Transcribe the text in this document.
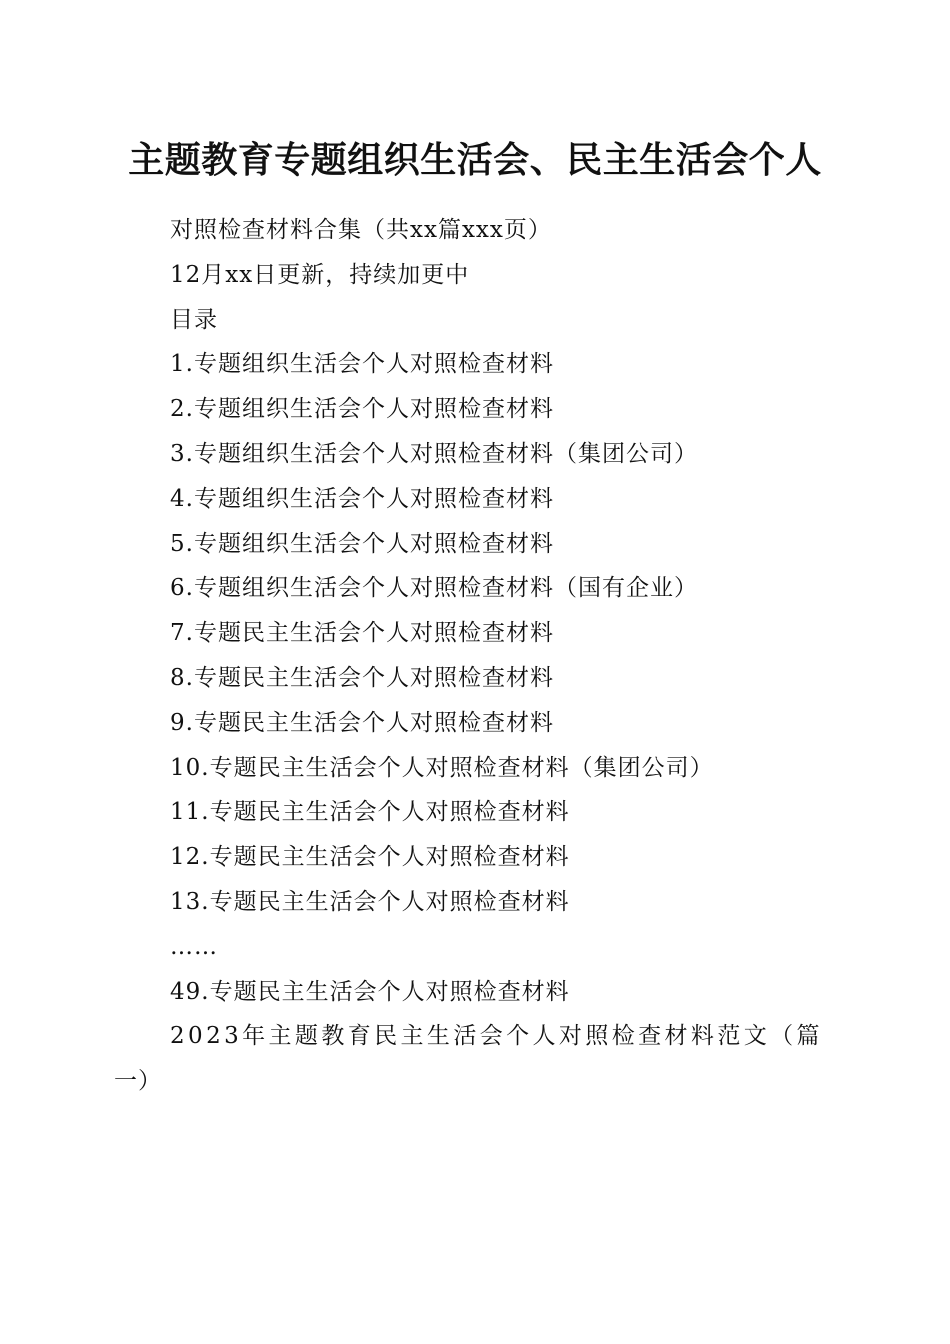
主题教育专题组织生活会、民主生活会个人
对照检查材料合集（共xx篇xxx页）
12月xx日更新，持续加更中
目录
1.专题组织生活会个人对照检查材料
2.专题组织生活会个人对照检查材料
3.专题组织生活会个人对照检查材料（集团公司）
4.专题组织生活会个人对照检查材料
5.专题组织生活会个人对照检查材料
6.专题组织生活会个人对照检查材料（国有企业）
7.专题民主生活会个人对照检查材料
8.专题民主生活会个人对照检查材料
9.专题民主生活会个人对照检查材料
10.专题民主生活会个人对照检查材料（集团公司）
11.专题民主生活会个人对照检查材料
12.专题民主生活会个人对照检查材料
13.专题民主生活会个人对照检查材料
……
49.专题民主生活会个人对照检查材料
2023年主题教育民主生活会个人对照检查材料范文（篇
一）
